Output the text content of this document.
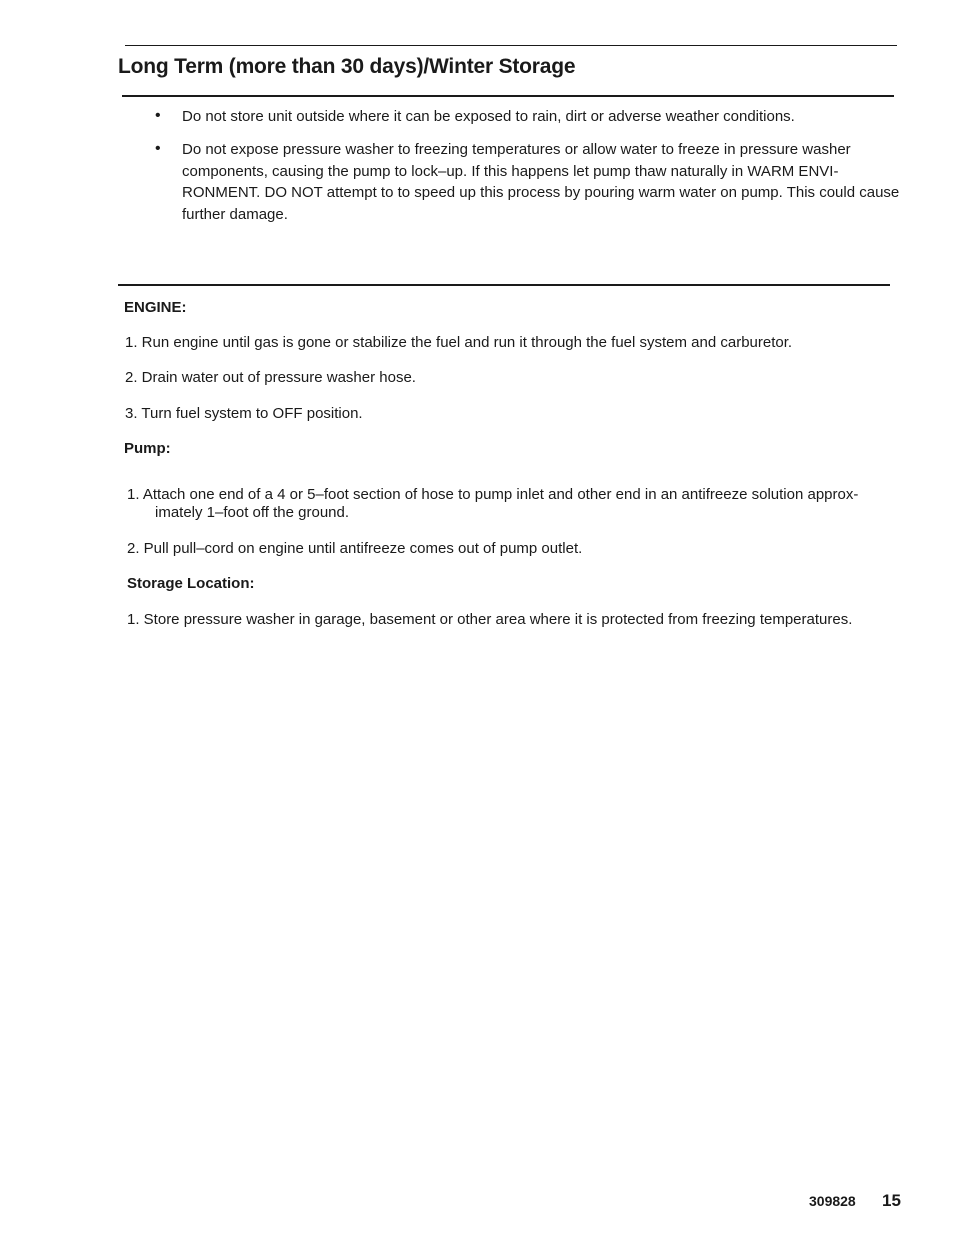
Long Term (more than 30 days)/Winter Storage
• Do not store unit outside where it can be exposed to rain, dirt or adverse weather conditions.
• Do not expose pressure washer to freezing temperatures or allow water to freeze in pressure washer components, causing the pump to lock–up. If this happens let pump thaw naturally in WARM ENVI- RONMENT. DO NOT attempt to to speed up this process by pouring warm water on pump. This could cause further damage.
ENGINE:
1. Run engine until gas is gone or stabilize the fuel and run it through the fuel system and carburetor.
2. Drain water out of pressure washer hose.
3. Turn fuel system to OFF position.
Pump:
1. Attach one end of a 4 or 5–foot section of hose to pump inlet and other end in an antifreeze solution approx-
imately 1–foot off the ground.
2. Pull pull–cord on engine until antifreeze comes out of pump outlet.
Storage Location:
1. Store pressure washer in garage, basement or other area where it is protected from freezing temperatures.
309828 15
